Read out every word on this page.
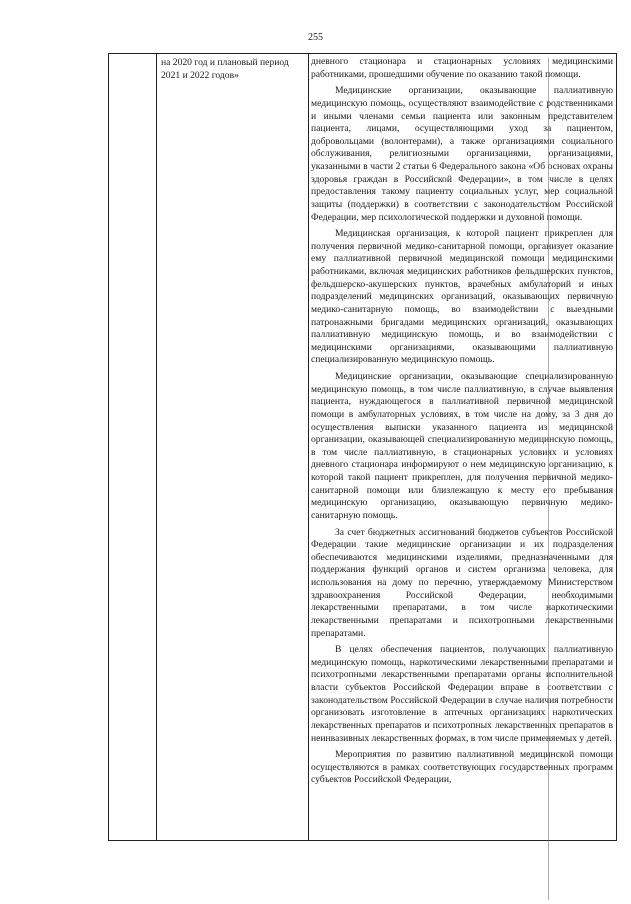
255
на 2020 год и плановый период 2021 и 2022 годов»

дневного стационара и стационарных условиях медицинскими работниками, прошедшими обучение по оказанию такой помощи.

Медицинские организации, оказывающие паллиативную медицинскую помощь, осуществляют взаимодействие с родственниками и иными членами семьи пациента или законным представителем пациента, лицами, осуществляющими уход за пациентом, добровольцами (волонтерами), а также организациями социального обслуживания, религиозными организациями, организациями, указанными в части 2 статьи 6 Федерального закона «Об основах охраны здоровья граждан в Российской Федерации», в том числе в целях предоставления такому пациенту социальных услуг, мер социальной защиты (поддержки) в соответствии с законодательством Российской Федерации, мер психологической поддержки и духовной помощи.

Медицинская организация, к которой пациент прикреплен для получения первичной медико-санитарной помощи, организует оказание ему паллиативной первичной медицинской помощи медицинскими работниками, включая медицинских работников фельдшерских пунктов, фельдшерско-акушерских пунктов, врачебных амбулаторий и иных подразделений медицинских организаций, оказывающих первичную медико-санитарную помощь, во взаимодействии с выездными патронажными бригадами медицинских организаций, оказывающих паллиативную медицинскую помощь, и во взаимодействии с медицинскими организациями, оказывающими паллиативную специализированную медицинскую помощь.

Медицинские организации, оказывающие специализированную медицинскую помощь, в том числе паллиативную, в случае выявления пациента, нуждающегося в паллиативной первичной медицинской помощи в амбулаторных условиях, в том числе на дому, за 3 дня до осуществления выписки указанного пациента из медицинской организации, оказывающей специализированную медицинскую помощь, в том числе паллиативную, в стационарных условиях и условиях дневного стационара информируют о нем медицинскую организацию, к которой такой пациент прикреплен, для получения первичной медико-санитарной помощи или близлежащую к месту его пребывания медицинскую организацию, оказывающую первичную медико-санитарную помощь.

За счет бюджетных ассигнований бюджетов субъектов Российской Федерации такие медицинские организации и их подразделения обеспечиваются медицинскими изделиями, предназначенными для поддержания функций органов и систем организма человека, для использования на дому по перечню, утверждаемому Министерством здравоохранения Российской Федерации, необходимыми лекарственными препаратами, в том числе наркотическими лекарственными препаратами и психотропными лекарственными препаратами.

В целях обеспечения пациентов, получающих паллиативную медицинскую помощь, наркотическими лекарственными препаратами и психотропными лекарственными препаратами органы исполнительной власти субъектов Российской Федерации вправе в соответствии с законодательством Российской Федерации в случае наличия потребности организовать изготовление в аптечных организациях наркотических лекарственных препаратов и психотропных лекарственных препаратов в неинвазивных лекарственных формах, в том числе применяемых у детей.

Мероприятия по развитию паллиативной медицинской помощи осуществляются в рамках соответствующих государственных программ субъектов Российской Федерации,
